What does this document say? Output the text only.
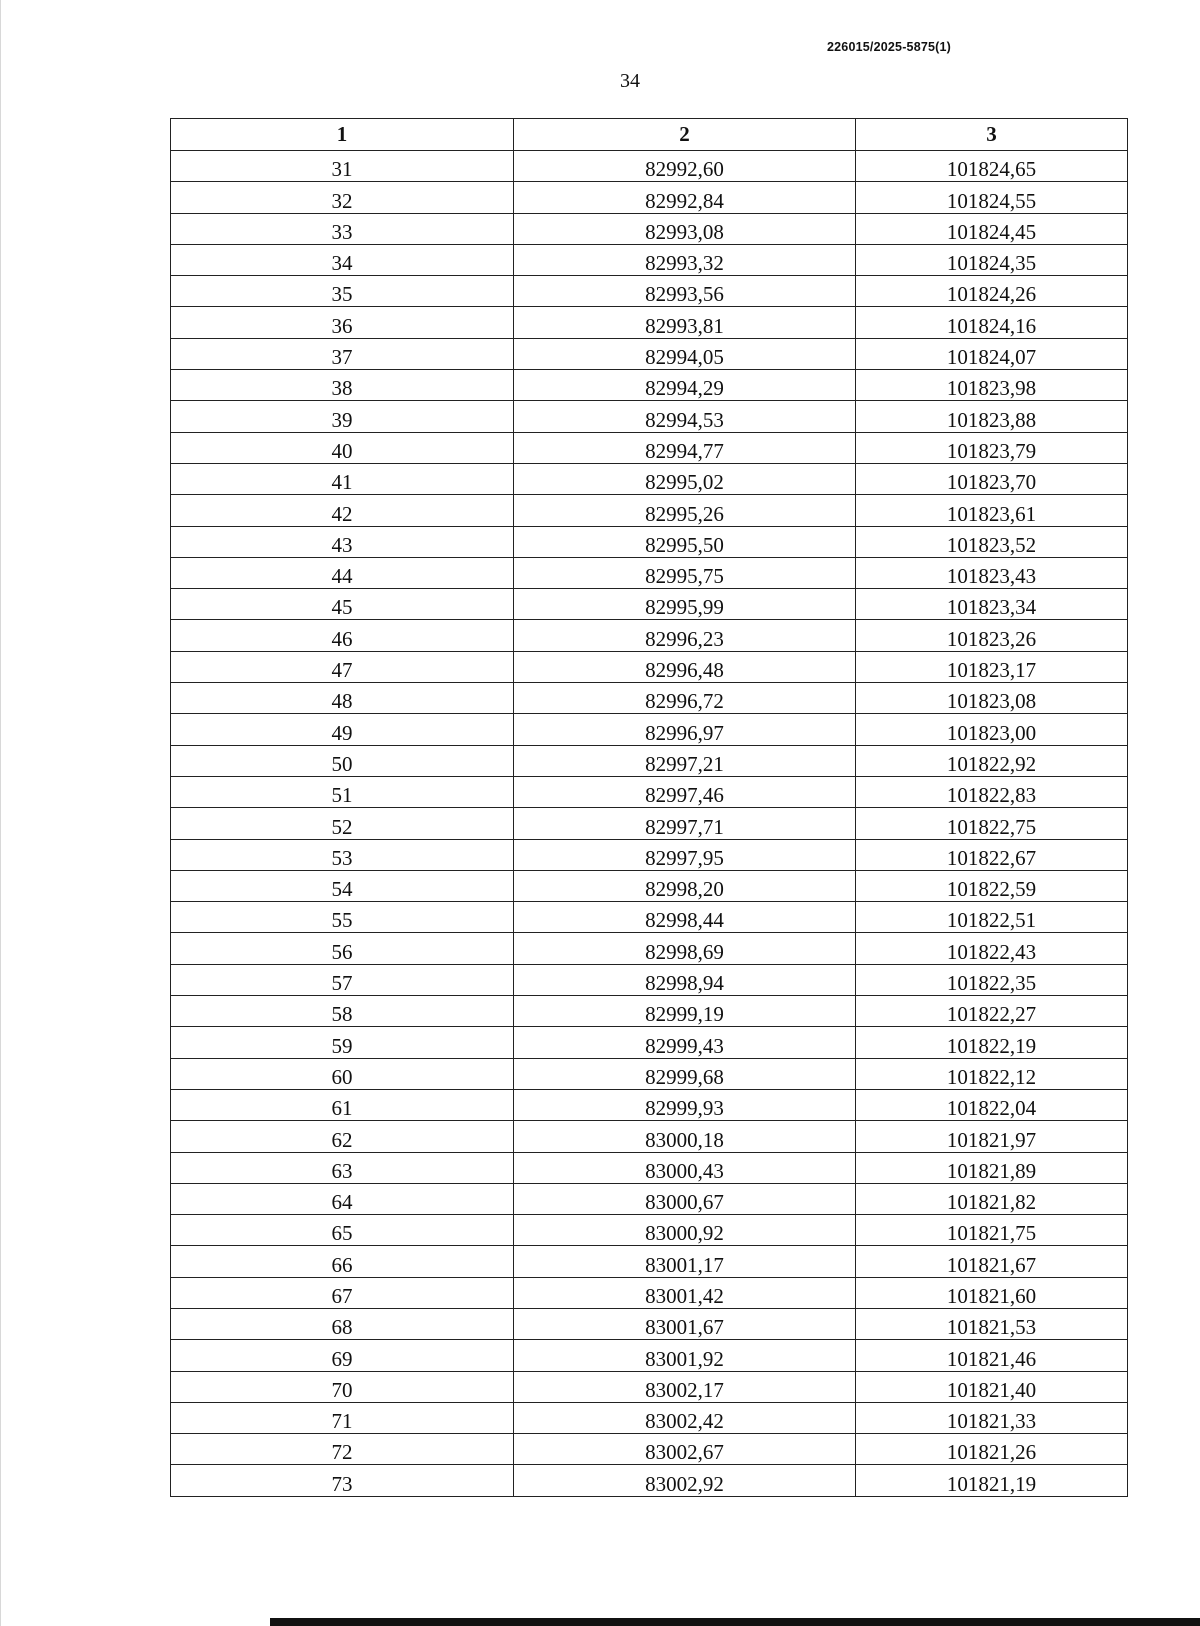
226015/2025-5875(1)
34
1	2	3
31	82992,60	101824,65
32	82992,84	101824,55
33	82993,08	101824,45
34	82993,32	101824,35
35	82993,56	101824,26
36	82993,81	101824,16
37	82994,05	101824,07
38	82994,29	101823,98
39	82994,53	101823,88
40	82994,77	101823,79
41	82995,02	101823,70
42	82995,26	101823,61
43	82995,50	101823,52
44	82995,75	101823,43
45	82995,99	101823,34
46	82996,23	101823,26
47	82996,48	101823,17
48	82996,72	101823,08
49	82996,97	101823,00
50	82997,21	101822,92
51	82997,46	101822,83
52	82997,71	101822,75
53	82997,95	101822,67
54	82998,20	101822,59
55	82998,44	101822,51
56	82998,69	101822,43
57	82998,94	101822,35
58	82999,19	101822,27
59	82999,43	101822,19
60	82999,68	101822,12
61	82999,93	101822,04
62	83000,18	101821,97
63	83000,43	101821,89
64	83000,67	101821,82
65	83000,92	101821,75
66	83001,17	101821,67
67	83001,42	101821,60
68	83001,67	101821,53
69	83001,92	101821,46
70	83002,17	101821,40
71	83002,42	101821,33
72	83002,67	101821,26
73	83002,92	101821,19
